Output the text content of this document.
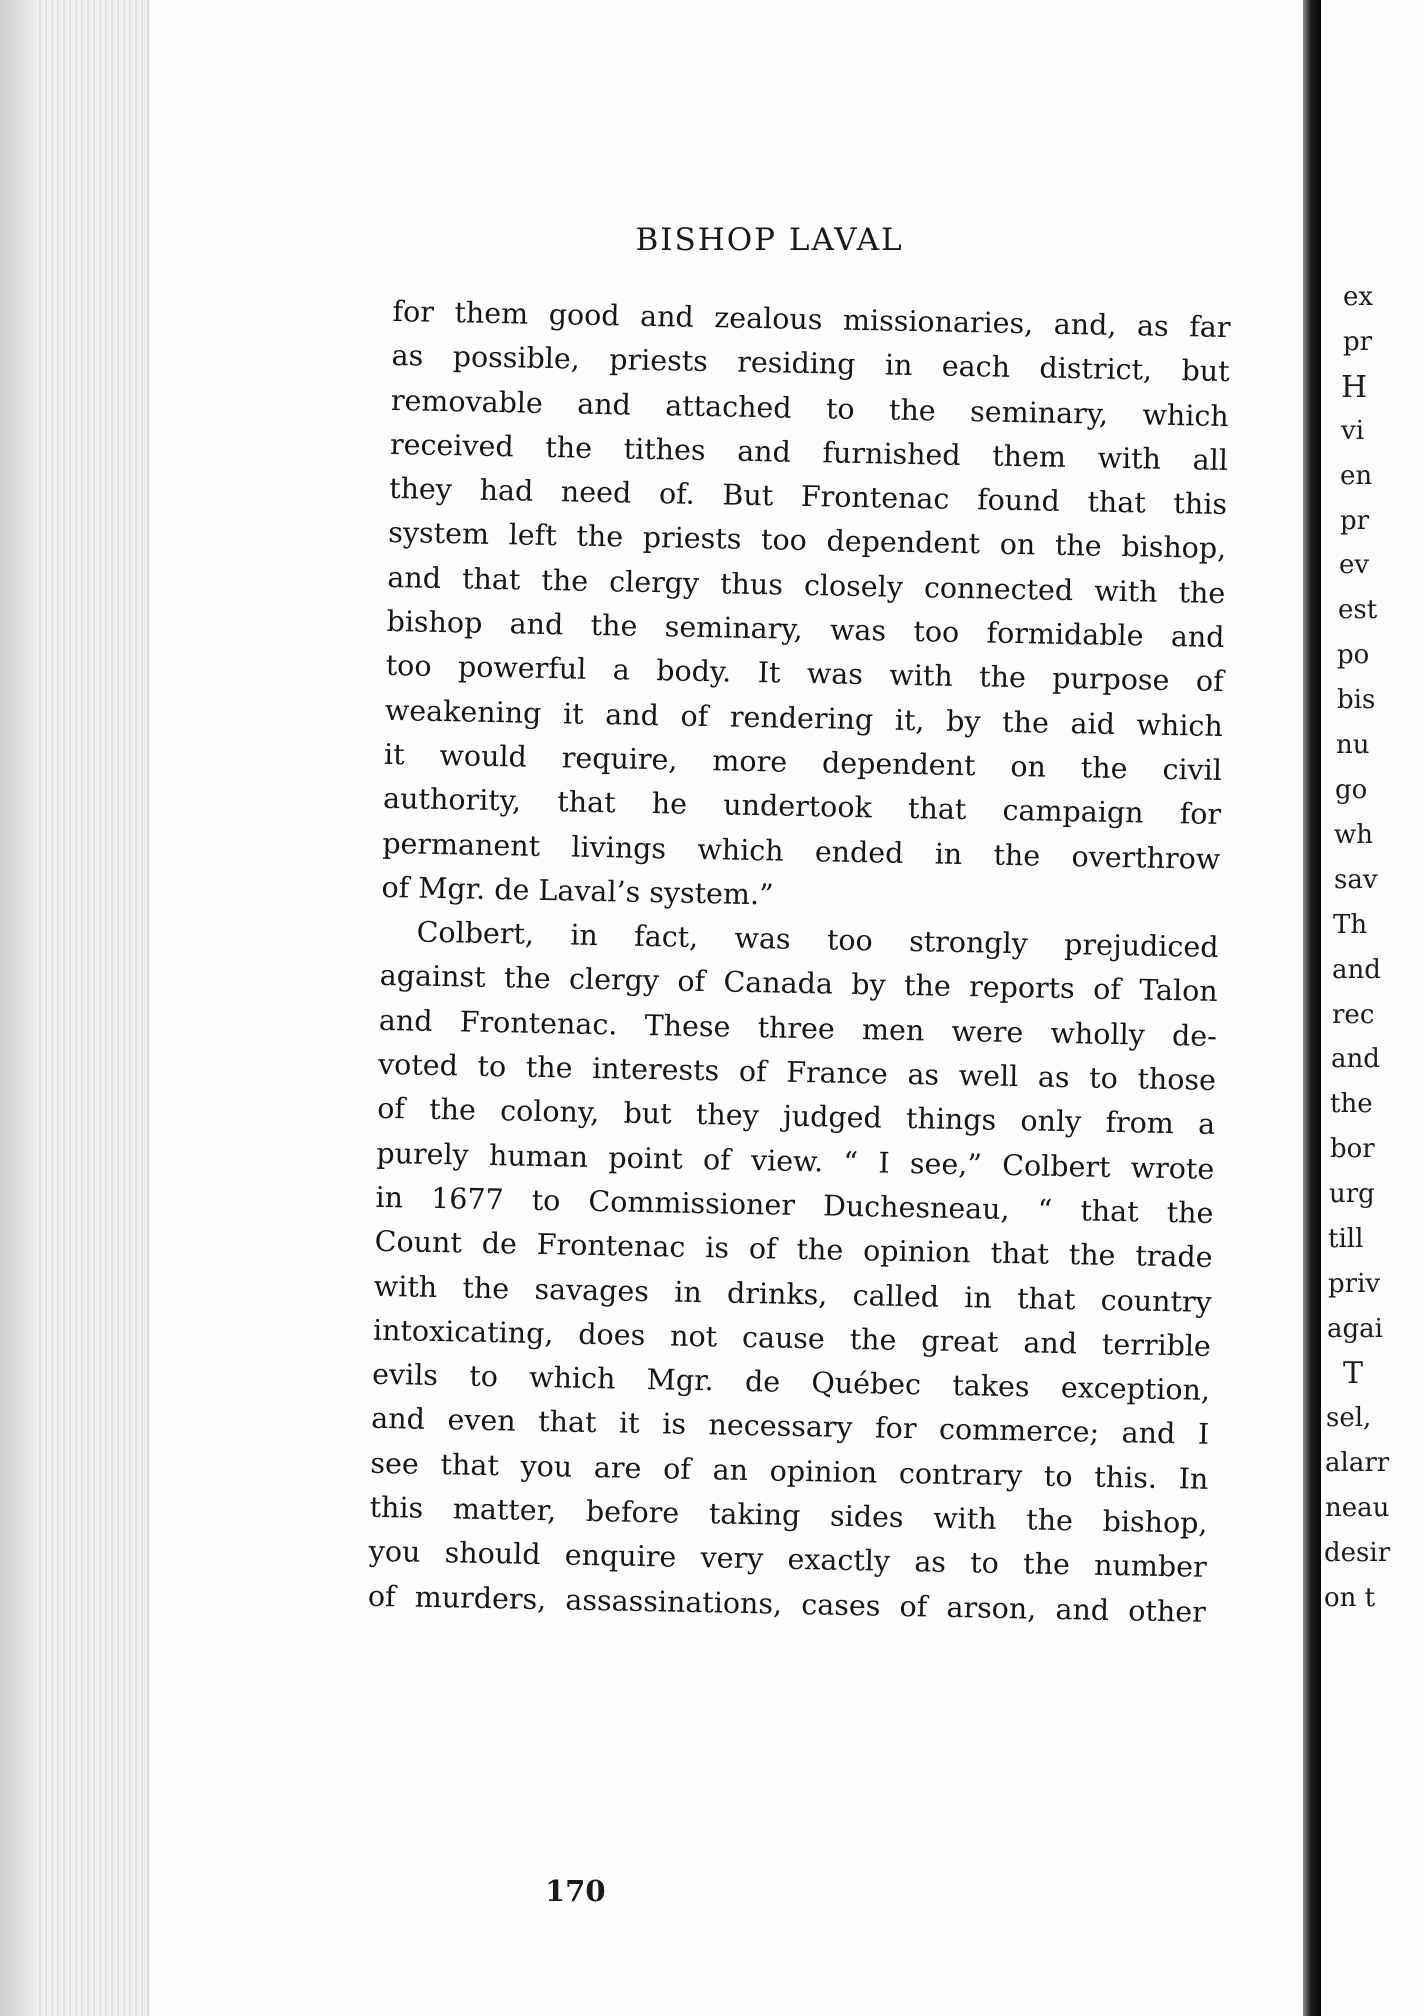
BISHOP LAVAL
for them good and zealous missionaries, and, as far
as possible, priests residing in each district, but
removable and attached to the seminary, which
received the tithes and furnished them with all
they had need of. But Frontenac found that this
system left the priests too dependent on the bishop,
and that the clergy thus closely connected with the
bishop and the seminary, was too formidable and
too powerful a body. It was with the purpose of
weakening it and of rendering it, by the aid which
it would require, more dependent on the civil
authority, that he undertook that campaign for
permanent livings which ended in the overthrow
of Mgr. de Laval’s system.”
Colbert, in fact, was too strongly prejudiced
against the clergy of Canada by the reports of Talon
and Frontenac. These three men were wholly de-
voted to the interests of France as well as to those
of the colony, but they judged things only from a
purely human point of view. “ I see,” Colbert wrote
in 1677 to Commissioner Duchesneau, “ that the
Count de Frontenac is of the opinion that the trade
with the savages in drinks, called in that country
intoxicating, does not cause the great and terrible
evils to which Mgr. de Québec takes exception,
and even that it is necessary for commerce; and I
see that you are of an opinion contrary to this. In
this matter, before taking sides with the bishop,
you should enquire very exactly as to the number
of murders, assassinations, cases of arson, and other
170
ex
pr
H
vi
en
pr
ev
est
po
bis
nu
go
wh
sav
Th
and
rec
and
the
bor
urg
till
priv
agai
T
sel,
alarr
neau
desir
on t
